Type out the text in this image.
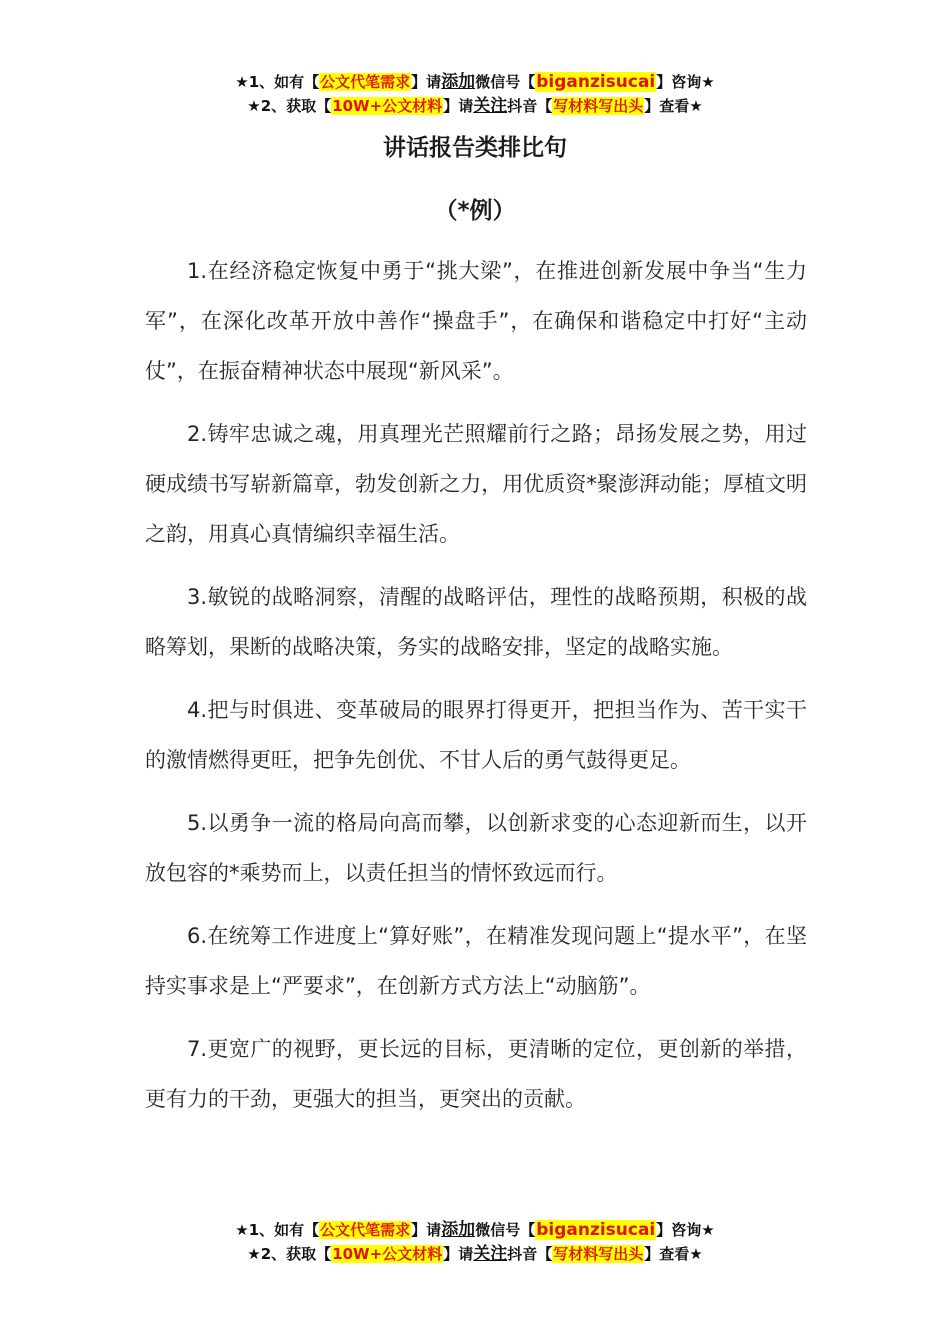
★1、如有【公文代笔需求】请添加微信号【biganzisucai】咨询★
★2、获取【10W+公文材料】请关注抖音【写材料写出头】查看★
讲话报告类排比句
（*例）

1.在经济稳定恢复中勇于“挑大梁”，在推进创新发展中争当“生力军”，在深化改革开放中善作“操盘手”，在确保和谐稳定中打好“主动仗”，在振奋精神状态中展现“新风采”。

2.铸牢忠诚之魂，用真理光芒照耀前行之路；昂扬发展之势，用过硬成绩书写崭新篇章，勃发创新之力，用优质资*聚澎湃动能；厚植文明之韵，用真心真情编织幸福生活。

3.敏锐的战略洞察，清醒的战略评估，理性的战略预期，积极的战略筹划，果断的战略决策，务实的战略安排，坚定的战略实施。

4.把与时俱进、变革破局的眼界打得更开，把担当作为、苦干实干的激情燃得更旺，把争先创优、不甘人后的勇气鼓得更足。

5.以勇争一流的格局向高而攀，以创新求变的心态迎新而生，以开放包容的*乘势而上，以责任担当的情怀致远而行。

6.在统筹工作进度上“算好账”，在精准发现问题上“提水平”，在坚持实事求是上“严要求”，在创新方式方法上“动脑筋”。

7.更宽广的视野，更长远的目标，更清晰的定位，更创新的举措，更有力的干劲，更强大的担当，更突出的贡献。

★1、如有【公文代笔需求】请添加微信号【biganzisucai】咨询★
★2、获取【10W+公文材料】请关注抖音【写材料写出头】查看★
